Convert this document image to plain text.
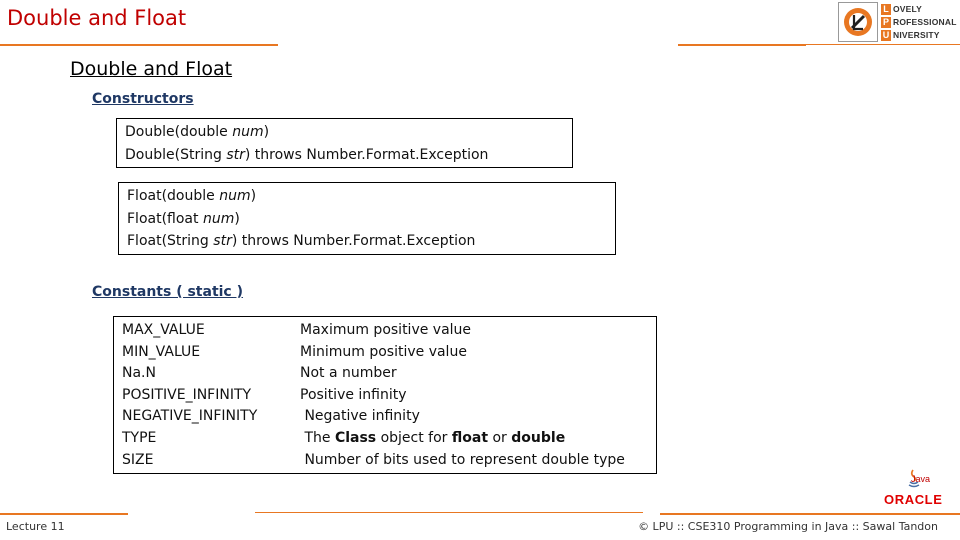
Double and Float	L OVELY
P ROFESSIONAL
U NIVERSITY
Double and Float
Constructors
Double(double num)
Double(String str) throws Number.Format.Exception
Float(double num)
Float(float num)
Float(String str) throws Number.Format.Exception
Constants ( static )
MAX_VALUE
MIN_VALUE
Na.N
POSITIVE_INFINITY
NEGATIVE_INFINITY
TYPE
SIZE
Maximum positive value
Minimum positive value
Not a number
Positive infinity
Negative infinity
The Class object for float or double
Number of bits used to represent double type
Java
ORACLE
Lecture 11	© LPU :: CSE310 Programming in Java :: Sawal Tandon
